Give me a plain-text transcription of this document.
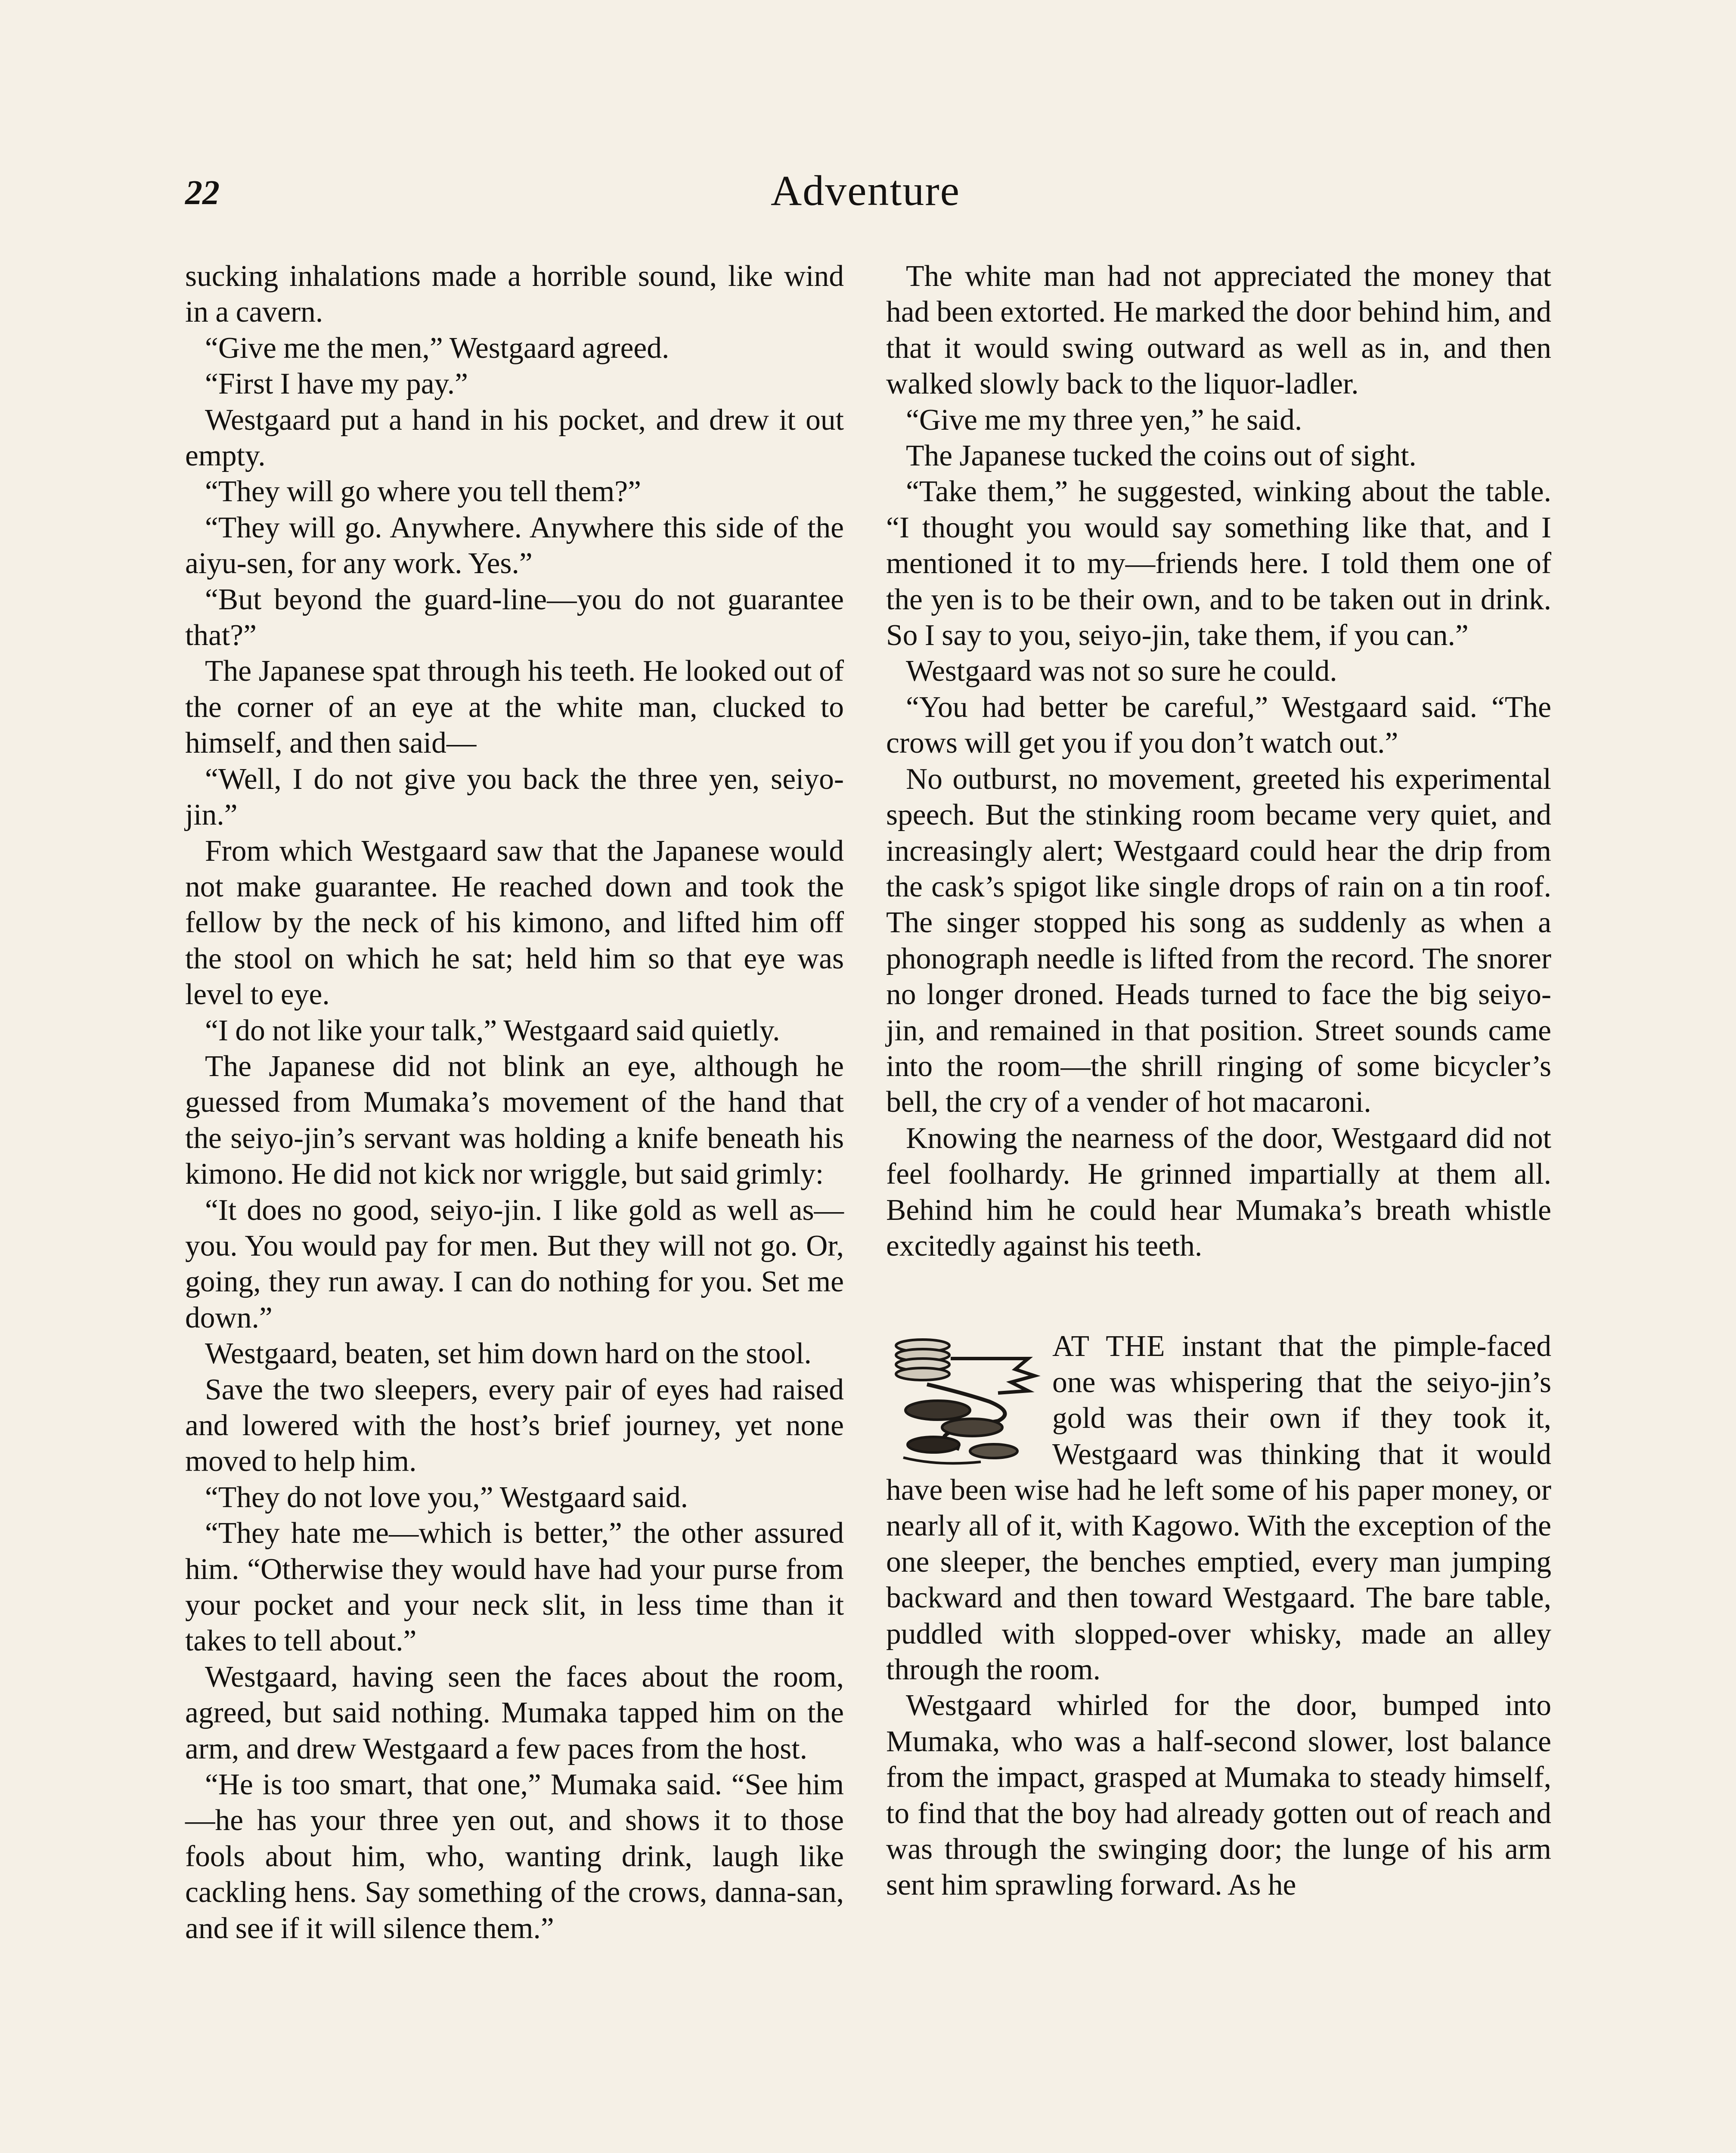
22	Adventure

sucking inhalations made a horrible sound, like wind in a cavern.

“Give me the men,” Westgaard agreed.

“First I have my pay.”

Westgaard put a hand in his pocket, and drew it out empty.

“They will go where you tell them?”

“They will go. Anywhere. Anywhere this side of the aiyu-sen, for any work. Yes.”

“But beyond the guard-line—you do not guarantee that?”

The Japanese spat through his teeth. He looked out of the corner of an eye at the white man, clucked to himself, and then said—

“Well, I do not give you back the three yen, seiyo-jin.”

From which Westgaard saw that the Japanese would not make guarantee. He reached down and took the fellow by the neck of his kimono, and lifted him off the stool on which he sat; held him so that eye was level to eye.

“I do not like your talk,” Westgaard said quietly.

The Japanese did not blink an eye, although he guessed from Mumaka’s movement of the hand that the seiyo-jin’s servant was holding a knife beneath his kimono. He did not kick nor wriggle, but said grimly:

“It does no good, seiyo-jin. I like gold as well as—you. You would pay for men. But they will not go. Or, going, they run away. I can do nothing for you. Set me down.”

Westgaard, beaten, set him down hard on the stool.

Save the two sleepers, every pair of eyes had raised and lowered with the host’s brief journey, yet none moved to help him.

“They do not love you,” Westgaard said.

“They hate me—which is better,” the other assured him. “Otherwise they would have had your purse from your pocket and your neck slit, in less time than it takes to tell about.”

Westgaard, having seen the faces about the room, agreed, but said nothing. Mumaka tapped him on the arm, and drew Westgaard a few paces from the host.

“He is too smart, that one,” Mumaka said. “See him—he has your three yen out, and shows it to those fools about him, who, wanting drink, laugh like cackling hens. Say something of the crows, danna-san, and see if it will silence them.”

The white man had not appreciated the money that had been extorted. He marked the door behind him, and that it would swing outward as well as in, and then walked slowly back to the liquor-ladler.

“Give me my three yen,” he said.

The Japanese tucked the coins out of sight.

“Take them,” he suggested, winking about the table. “I thought you would say something like that, and I mentioned it to my—friends here. I told them one of the yen is to be their own, and to be taken out in drink. So I say to you, seiyo-jin, take them, if you can.”

Westgaard was not so sure he could.

“You had better be careful,” Westgaard said. “The crows will get you if you don’t watch out.”

No outburst, no movement, greeted his experimental speech. But the stinking room became very quiet, and increasingly alert; Westgaard could hear the drip from the cask’s spigot like single drops of rain on a tin roof. The singer stopped his song as suddenly as when a phonograph needle is lifted from the record. The snorer no longer droned. Heads turned to face the big seiyo-jin, and remained in that position. Street sounds came into the room—the shrill ringing of some bicycler’s bell, the cry of a vender of hot macaroni.

Knowing the nearness of the door, Westgaard did not feel foolhardy. He grinned impartially at them all. Behind him he could hear Mumaka’s breath whistle excitedly against his teeth.

AT THE instant that the pimple-faced one was whispering that the seiyo-jin’s gold was their own if they took it, Westgaard was thinking that it would have been wise had he left some of his paper money, or nearly all of it, with Kagowo. With the exception of the one sleeper, the benches emptied, every man jumping backward and then toward Westgaard. The bare table, puddled with slopped-over whisky, made an alley through the room.

Westgaard whirled for the door, bumped into Mumaka, who was a half-second slower, lost balance from the impact, grasped at Mumaka to steady himself, to find that the boy had already gotten out of reach and was through the swinging door; the lunge of his arm sent him sprawling forward. As he
